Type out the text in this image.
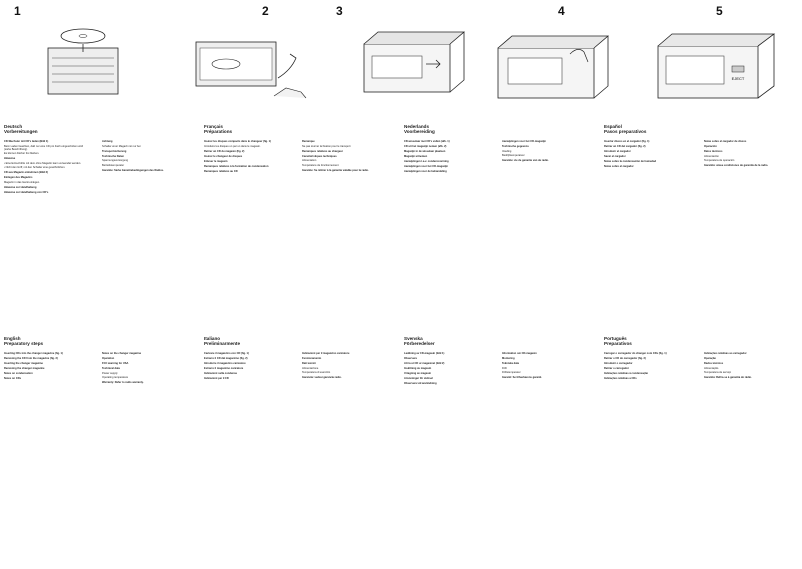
1	2	3	4	5
EJECT
Deutsch
Vorbereitungen

CD-Wechsler mit CD's laden (Bild 1)

Beim Laden beachten, daß nur eine CD pro Fach eingeschoben wird (siehe Beschriftung).

Es können Fächer frei bleiben.

Hinweise

• Eine Extra-Kühle mit dem ohne Magazin kann verwendet werden.

• Nicht den Griff, mit den Schalter eine gewöhnlichen.

CD aus Magazin entnehmen (Bild 2)

Einlegen des Magazins

Magazin in das Gerät einlegen.

Hinweise zur Handhabung

Hinweise zur Handhabung von CD's

Achtung

Schalter einer Magazin ist nur bei

Transportsicherung

Technische Daten

Spannungsversorgung

Betriebstemperatur

Garantie: Siehe Garantiebedingungen des Radios.

Français
Préparations

Insérer les disques compacts dans le changeur (fig. 1)

Introduire les disques un par un dans le magasin.

Retirer un CD du magasin (fig. 2)

Insérer le changeur de disques

Enlever le magasin

Remarques relatives à la formation de condensation

Remarques relatives au CD

Remarque

Ne pas tourner la fixation pour le transport

Remarques relatives au chargeur

Caractéristiques techniques

Alimentation

Température de fonctionnement

Garantie: Se référer à la garantie valable pour la radio.

Nederlands
Voorbereiding

CD-wisselaar met CD's vullen (afb. 1)

CD uit het magazijn nemen (afb. 2)

Magazijn in de wisselaar plaatsen

Magazijn uitnemen

Aanwijzingen t.a.v. condensvorming

Aanwijzingen voor het CD-magazijn

Aanwijzingen voor de behandeling

Aanwijzingen voor het CD-magazijn

Technische gegevens

Voeding

Bedrijfstemperatuur

Garantie: zie de garantie van de radio.

Español
Pasos preparativos

Insertar discos en el cargador (fig. 1)

Retirar un CD del cargador (fig. 2)

Introducir el cargador

Sacar el cargador

Notas sobre la condensación de humedad

Notas sobre el cargador

Notas sobre el cargador de discos

Operación

Datos técnicos

Alimentación

Temperatura de operación

Garantía: véase condiciones de garantía de la radio.

English
Preparatory steps

Inserting CDs into the changer magazine (fig. 1)

Removing the CD from the magazine (fig. 2)

Inserting the changer magazine

Removing the changer magazine

Notes on condensation

Notes on CDs

Notes on the changer magazine

Operation

FCC warning for USA

Technical data

Power supply

Operating temperature

Warranty: Refer to radio warranty.

Italiano
Preliminarmente

Caricare il magazzino con CD (fig. 1)

Estrarre il CD dal magazzino (fig. 2)

Introdurre il magazzino caricatore

Estrarre il magazzino caricatore

Indicazioni sulla condensa

Indicazioni per il CD

Indicazioni per il magazzino caricatore

Funzionamento

Dati tecnici

Alimentazione

Temperatura di esercizio

Garanzia: vedasi garanzia radio.

Svenska
Förberedelser

Laddning av CD-magasin (bild 1)

Observera

Att ta ut CD ur magasinet (bild 2)

Insättning av magasin

Urtagning av magasin

Anvisningar för skötsel

Observera vid användning

Information om CD-magasin

Montering

Tekniska data

Drift

Driftstemperatur

Garanti: Se tillverkarens garanti.

Português
Preparativos

Carregar o carregador do changer com CDs (fig. 1)

Retirar o CD do carregador (fig. 2)

Introduzir o carregador

Retirar o carregador

Indicações relativas à condensação

Indicações relativas a CDs

Indicações relativas ao carregador

Operação

Dados técnicos

Alimentação

Temperatura de serviço

Garantia: Refira-se à garantia do rádio.
